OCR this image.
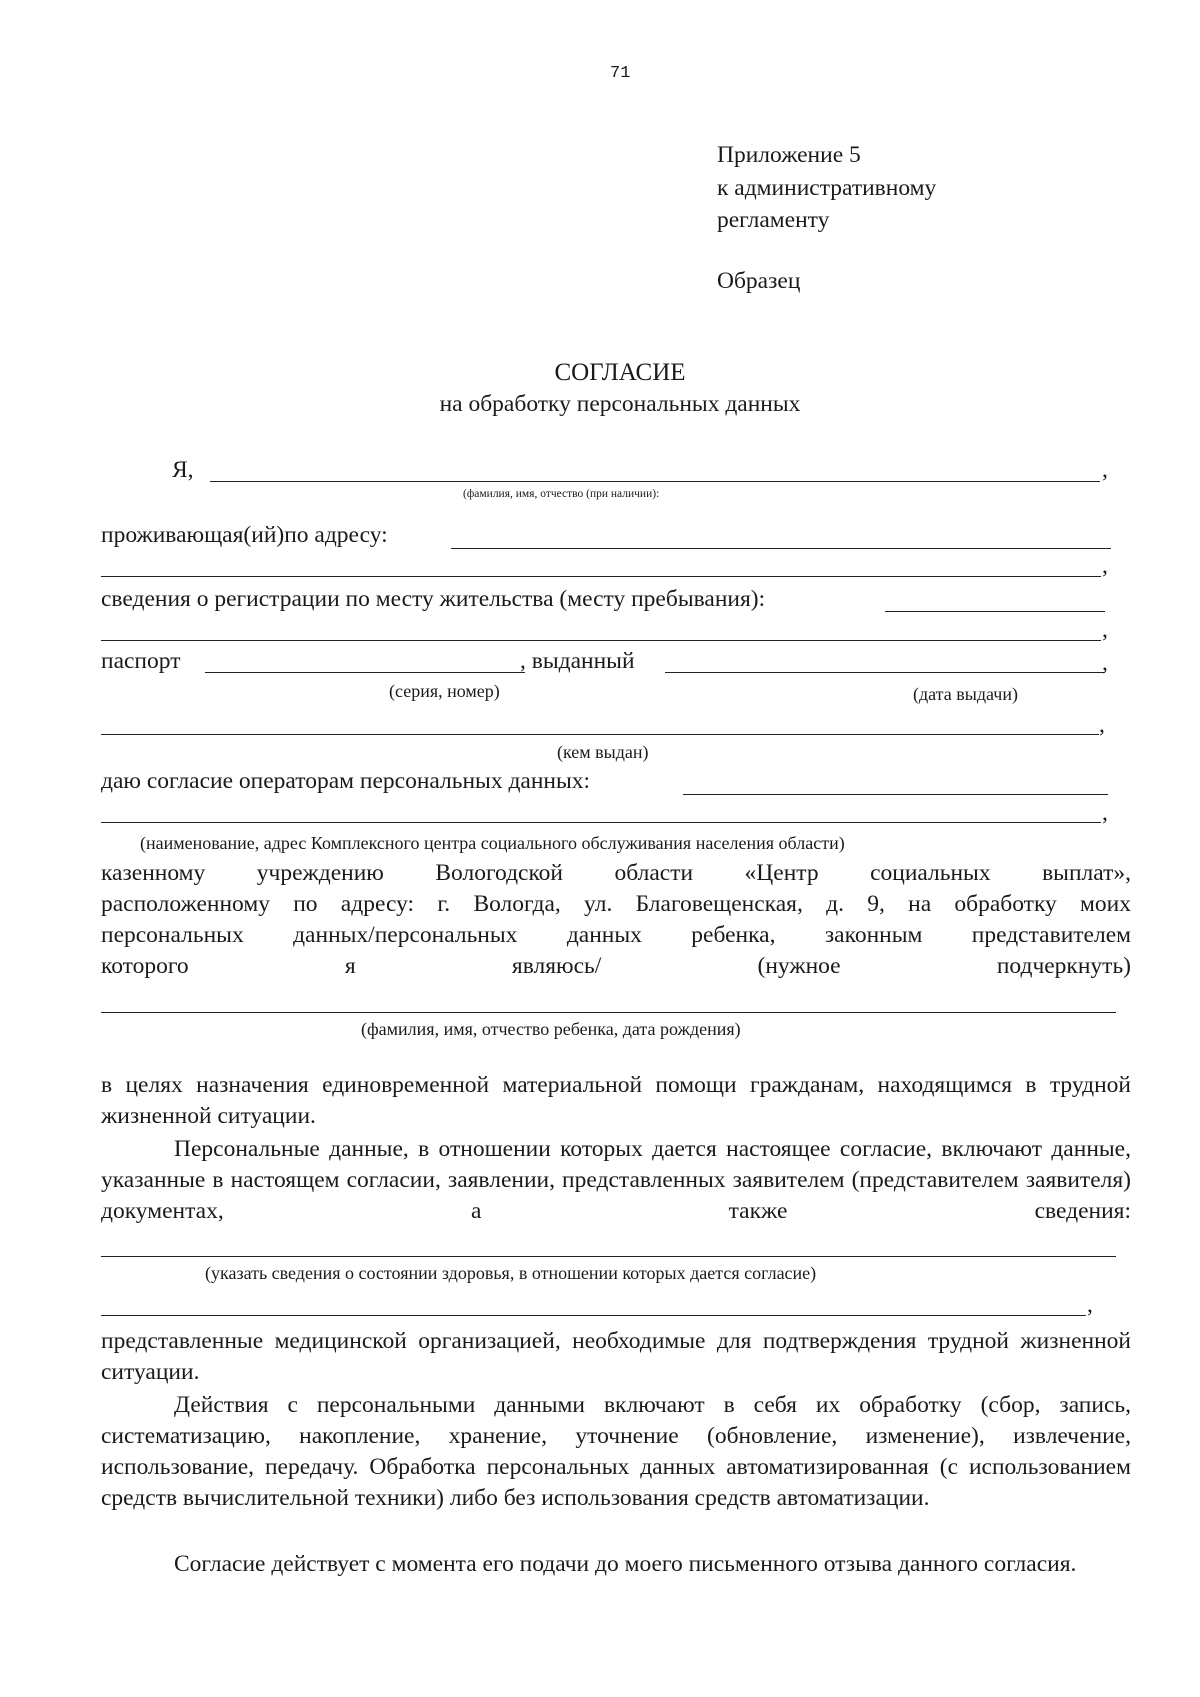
71
Приложение 5
к административному
регламенту
Образец
СОГЛАСИЕ
на обработку персональных данных
Я,	,
(фамилия, имя, отчество (при наличии):
проживающая(ий)по адресу:
,
сведения о регистрации по месту жительства (месту пребывания):
,
паспорт	, выданный	,
(серия, номер)	(дата выдачи)
,
(кем выдан)
даю согласие операторам персональных данных:
,
(наименование, адрес Комплексного центра социального обслуживания населения области)
казенному учреждению Вологодской области «Центр социальных выплат»,
расположенному по адресу: г. Вологда, ул. Благовещенская, д. 9, на обработку моих
персональных данных/персональных данных ребенка, законным представителем
которого я являюсь/ (нужное подчеркнуть)
(фамилия, имя, отчество ребенка, дата рождения)
в целях назначения единовременной материальной помощи гражданам, находящимся в трудной жизненной ситуации.
Персональные данные, в отношении которых дается настоящее согласие, включают данные, указанные в настоящем согласии, заявлении, представленных заявителем (представителем заявителя) документах, а также сведения:
(указать сведения о состоянии здоровья, в отношении которых дается согласие)
,
представленные медицинской организацией, необходимые для подтверждения трудной жизненной ситуации.
Действия с персональными данными включают в себя их обработку (сбор, запись, систематизацию, накопление, хранение, уточнение (обновление, изменение), извлечение, использование, передачу. Обработка персональных данных автоматизированная (с использованием средств вычислительной техники) либо без использования средств автоматизации.
Согласие действует с момента его подачи до моего письменного отзыва данного согласия.
